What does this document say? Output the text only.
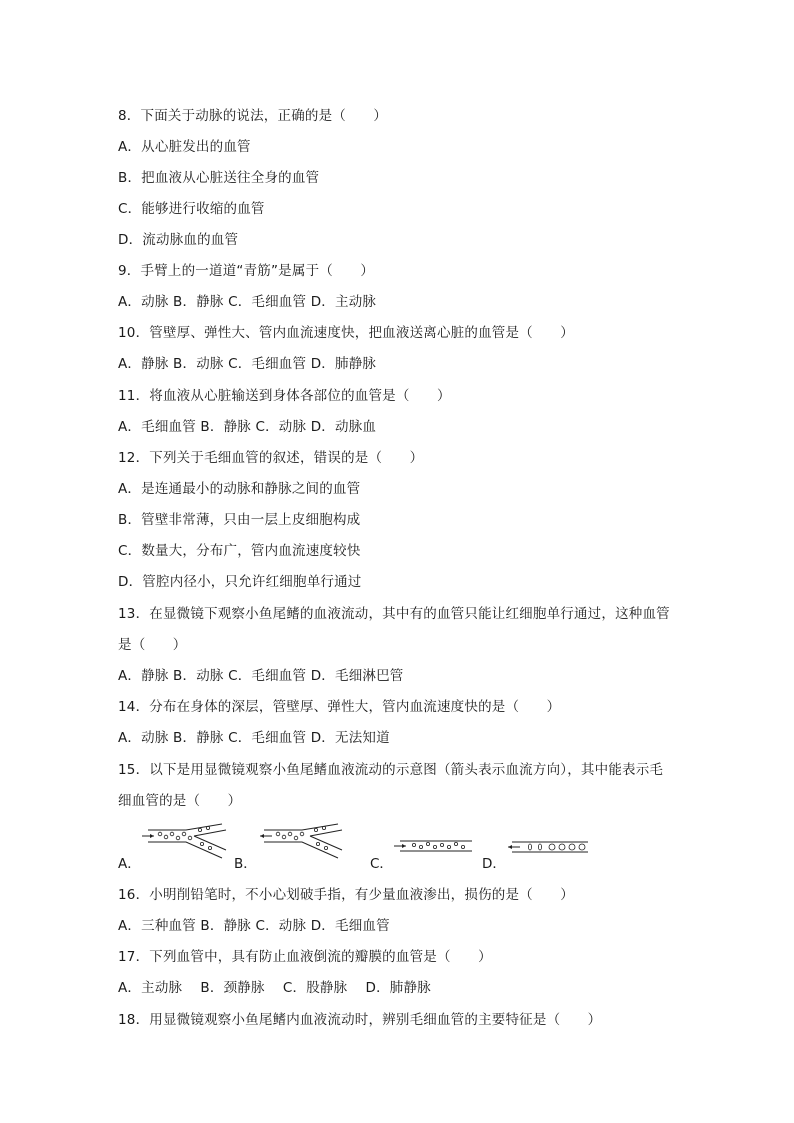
8．下面关于动脉的说法，正确的是（　　）
A．从心脏发出的血管
B．把血液从心脏送往全身的血管
C．能够进行收缩的血管
D．流动脉血的血管
9．手臂上的一道道“青筋”是属于（　　）
A．动脉 B．静脉 C．毛细血管 D．主动脉
10．管壁厚、弹性大、管内血流速度快，把血液送离心脏的血管是（　　）
A．静脉 B．动脉 C．毛细血管 D．肺静脉
11．将血液从心脏输送到身体各部位的血管是（　　）
A．毛细血管 B．静脉 C．动脉 D．动脉血
12．下列关于毛细血管的叙述，错误的是（　　）
A．是连通最小的动脉和静脉之间的血管
B．管壁非常薄，只由一层上皮细胞构成
C．数量大，分布广，管内血流速度较快
D．管腔内径小，只允许红细胞单行通过
13．在显微镜下观察小鱼尾鳍的血液流动，其中有的血管只能让红细胞单行通过，这种血管
是（　　）
A．静脉 B．动脉 C．毛细血管 D．毛细淋巴管
14．分布在身体的深层，管壁厚、弹性大，管内血流速度快的是（　　）
A．动脉 B．静脉 C．毛细血管 D．无法知道
15．以下是用显微镜观察小鱼尾鳍血液流动的示意图（箭头表示血流方向），其中能表示毛
细血管的是（　　）
A．	B．	C．	D．
16．小明削铅笔时，不小心划破手指，有少量血液渗出，损伤的是（　　）
A．三种血管 B．静脉 C．动脉 D．毛细血管
17．下列血管中，具有防止血液倒流的瓣膜的血管是（　　）
A．主动脉　 B．颈静脉　 C．股静脉　 D．肺静脉
18．用显微镜观察小鱼尾鳍内血液流动时，辨别毛细血管的主要特征是（　　）
